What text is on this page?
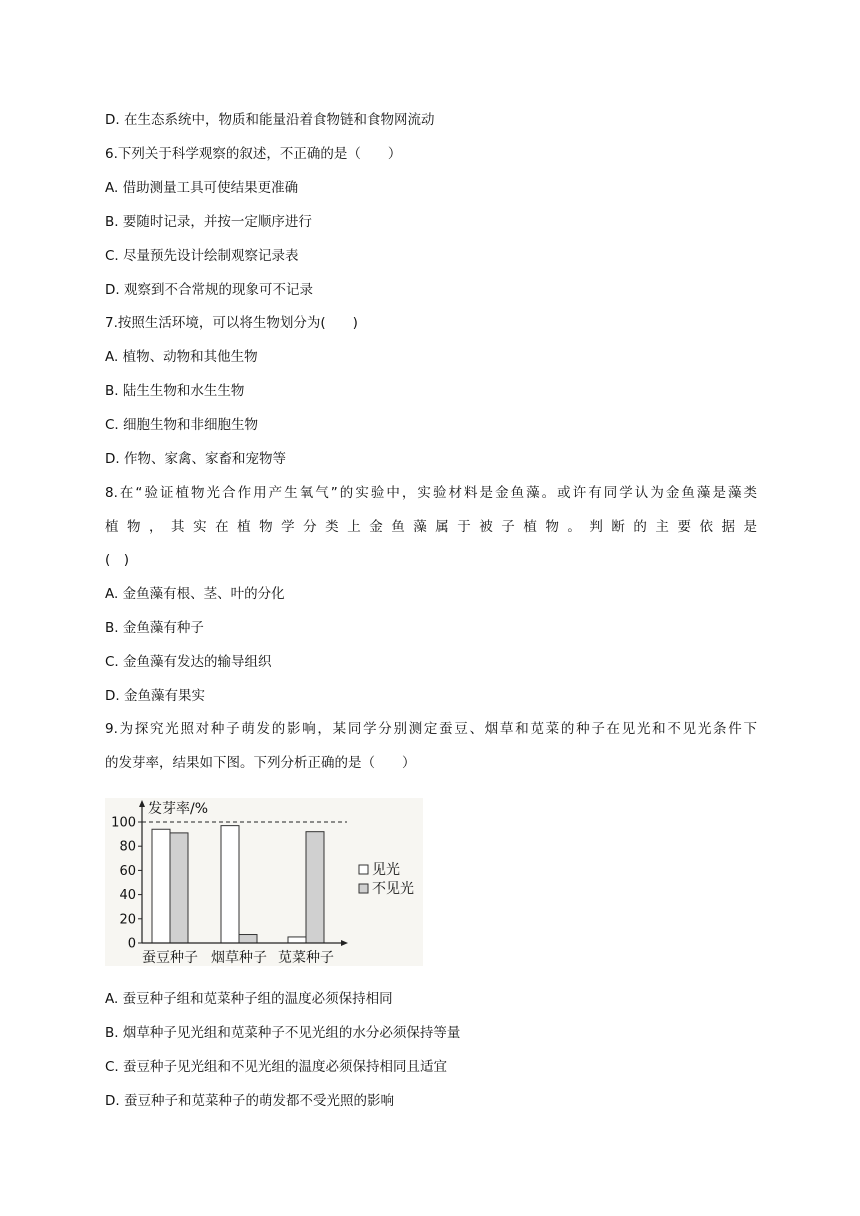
D. 在生态系统中，物质和能量沿着食物链和食物网流动
6.下列关于科学观察的叙述，不正确的是（　　）
A. 借助测量工具可使结果更准确
B. 要随时记录，并按一定顺序进行
C. 尽量预先设计绘制观察记录表
D. 观察到不合常规的现象可不记录
7.按照生活环境，可以将生物划分为(　　)
A. 植物、动物和其他生物
B. 陆生生物和水生生物
C. 细胞生物和非细胞生物
D. 作物、家禽、家畜和宠物等
8.在“验证植物光合作用产生氧气”的实验中，实验材料是金鱼藻。或许有同学认为金鱼藻是藻类
植物，其实在植物学分类上金鱼藻属于被子植物。判断的主要依据是
(　)
A. 金鱼藻有根、茎、叶的分化
B. 金鱼藻有种子
C. 金鱼藻有发达的输导组织
D. 金鱼藻有果实
9.为探究光照对种子萌发的影响，某同学分别测定蚕豆、烟草和苋菜的种子在见光和不见光条件下
的发芽率，结果如下图。下列分析正确的是（　　）
蚕豆种子 烟草种子 苋菜种子
0
20
40
60
80
100
发芽率/%
见光
不见光
A. 蚕豆种子组和苋菜种子组的温度必须保持相同
B. 烟草种子见光组和苋菜种子不见光组的水分必须保持等量
C. 蚕豆种子见光组和不见光组的温度必须保持相同且适宜
D. 蚕豆种子和苋菜种子的萌发都不受光照的影响
